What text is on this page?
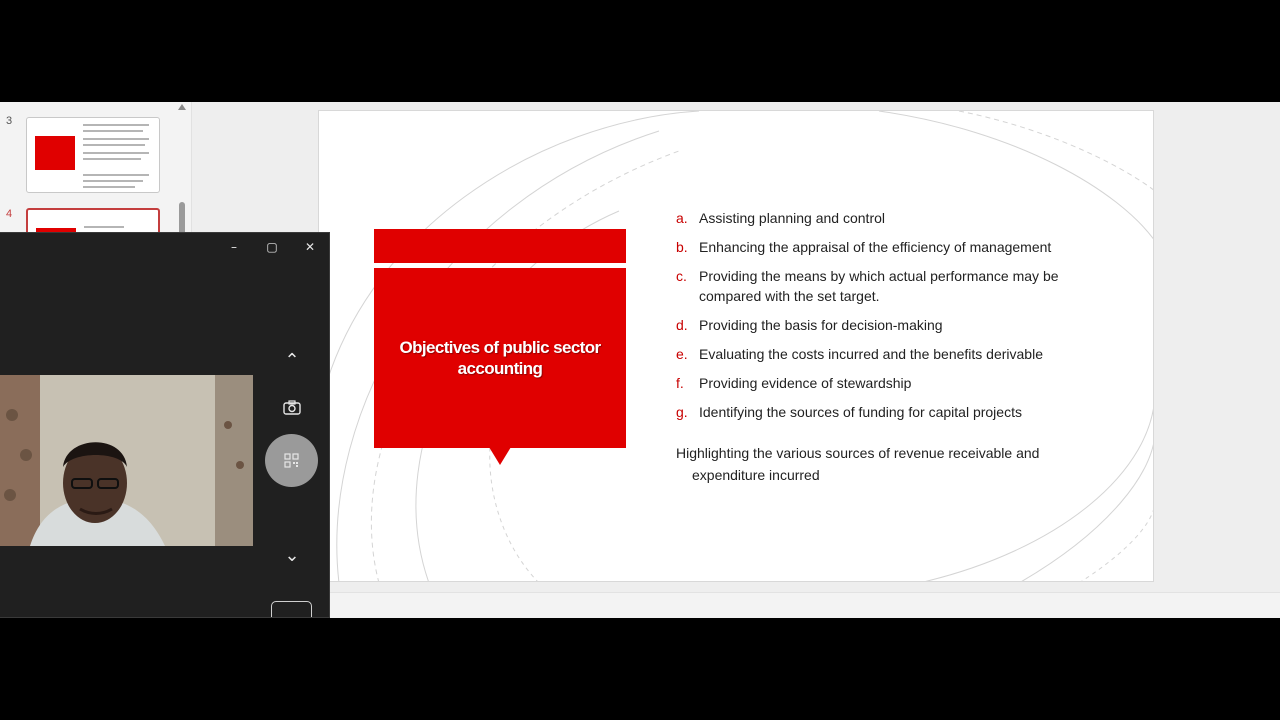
3
4
Objectives of public sector accounting
a. Assisting planning and control
b. Enhancing the appraisal of the efficiency of management
c. Providing the means by which actual performance may be compared with the set target.
d. Providing the basis for decision-making
e. Evaluating the costs incurred and the benefits derivable
f.	Providing evidence of stewardship
g. Identifying the sources of funding for capital projects
Highlighting the various sources of revenue receivable and
expenditure incurred
–	▢	✕
⌃
⌄
